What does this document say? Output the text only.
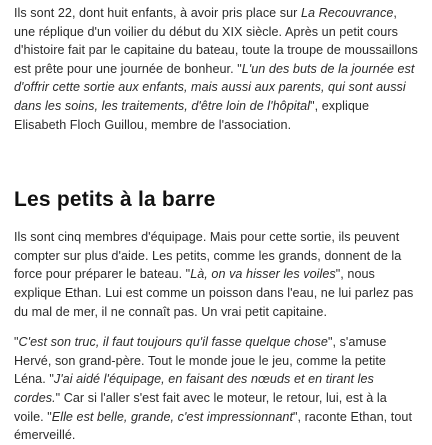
Ils sont 22, dont huit enfants, à avoir pris place sur La Recouvrance, une réplique d'un voilier du début du XIX siècle. Après un petit cours d'histoire fait par le capitaine du bateau, toute la troupe de moussaillons est prête pour une journée de bonheur. "L'un des buts de la journée est d'offrir cette sortie aux enfants, mais aussi aux parents, qui sont aussi dans les soins, les traitements, d'être loin de l'hôpital", explique Elisabeth Floch Guillou, membre de l'association.

Les petits à la barre

Ils sont cinq membres d'équipage. Mais pour cette sortie, ils peuvent compter sur plus d'aide. Les petits, comme les grands, donnent de la force pour préparer le bateau. "Là, on va hisser les voiles", nous explique Ethan. Lui est comme un poisson dans l'eau, ne lui parlez pas du mal de mer, il ne connaît pas. Un vrai petit capitaine.

"C'est son truc, il faut toujours qu'il fasse quelque chose", s'amuse Hervé, son grand-père. Tout le monde joue le jeu, comme la petite Léna. "J'ai aidé l'équipage, en faisant des nœuds et en tirant les cordes." Car si l'aller s'est fait avec le moteur, le retour, lui, est à la voile. "Elle est belle, grande, c'est impressionnant", raconte Ethan, tout émerveillé.
